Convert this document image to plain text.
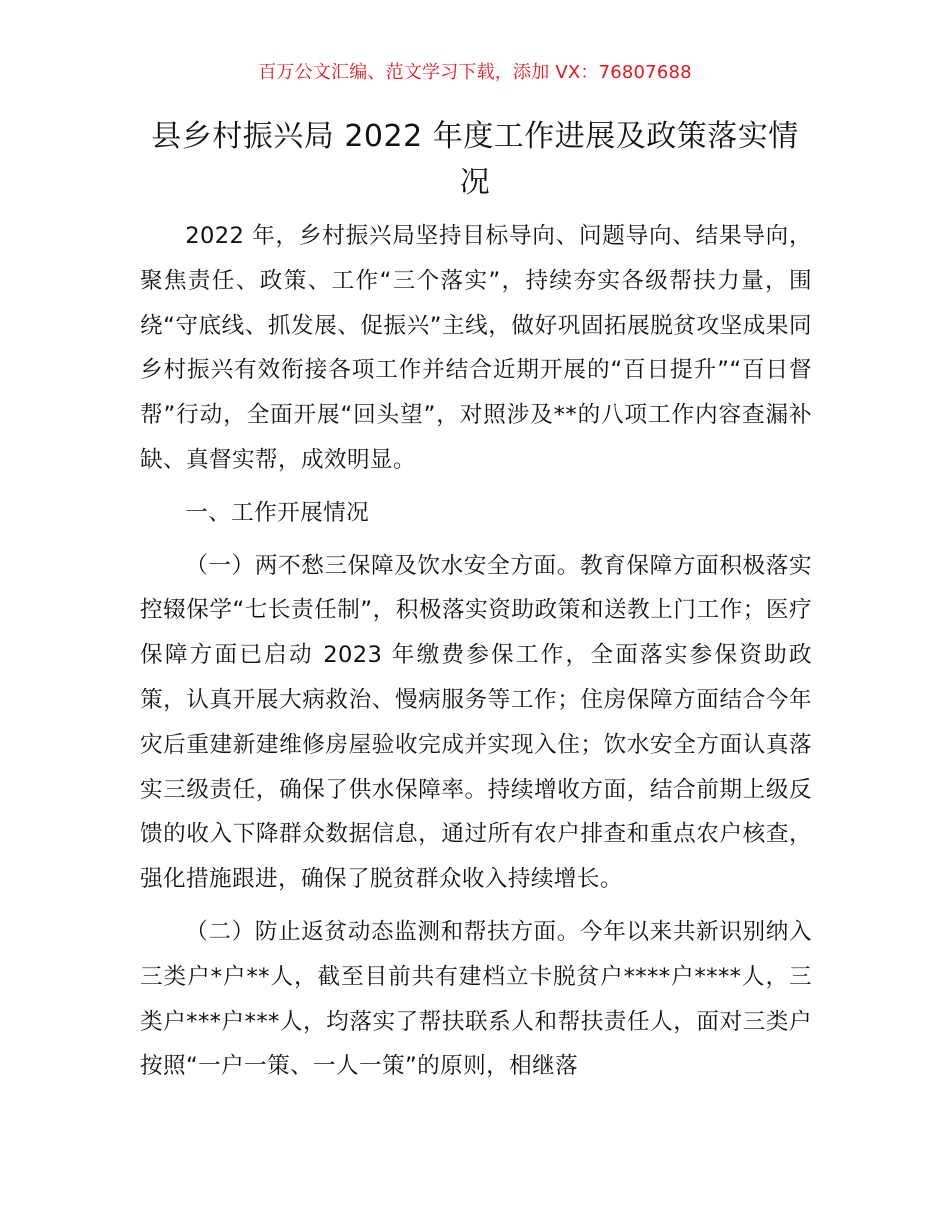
百万公文汇编、范文学习下载，添加 VX：76807688
县乡村振兴局 2022 年度工作进展及政策落实情况

2022 年，乡村振兴局坚持目标导向、问题导向、结果导向，聚焦责任、政策、工作“三个落实”，持续夯实各级帮扶力量，围绕“守底线、抓发展、促振兴”主线，做好巩固拓展脱贫攻坚成果同乡村振兴有效衔接各项工作并结合近期开展的“百日提升”“百日督帮”行动，全面开展“回头望”，对照涉及**的八项工作内容查漏补缺、真督实帮，成效明显。

一、工作开展情况

（一）两不愁三保障及饮水安全方面。教育保障方面积极落实控辍保学“七长责任制”，积极落实资助政策和送教上门工作；医疗保障方面已启动 2023 年缴费参保工作，全面落实参保资助政策，认真开展大病救治、慢病服务等工作；住房保障方面结合今年灾后重建新建维修房屋验收完成并实现入住；饮水安全方面认真落实三级责任，确保了供水保障率。持续增收方面，结合前期上级反馈的收入下降群众数据信息，通过所有农户排查和重点农户核查，强化措施跟进，确保了脱贫群众收入持续增长。

（二）防止返贫动态监测和帮扶方面。今年以来共新识别纳入三类户*户**人，截至目前共有建档立卡脱贫户****户****人，三类户***户***人，均落实了帮扶联系人和帮扶责任人，面对三类户按照“一户一策、一人一策”的原则，相继落
